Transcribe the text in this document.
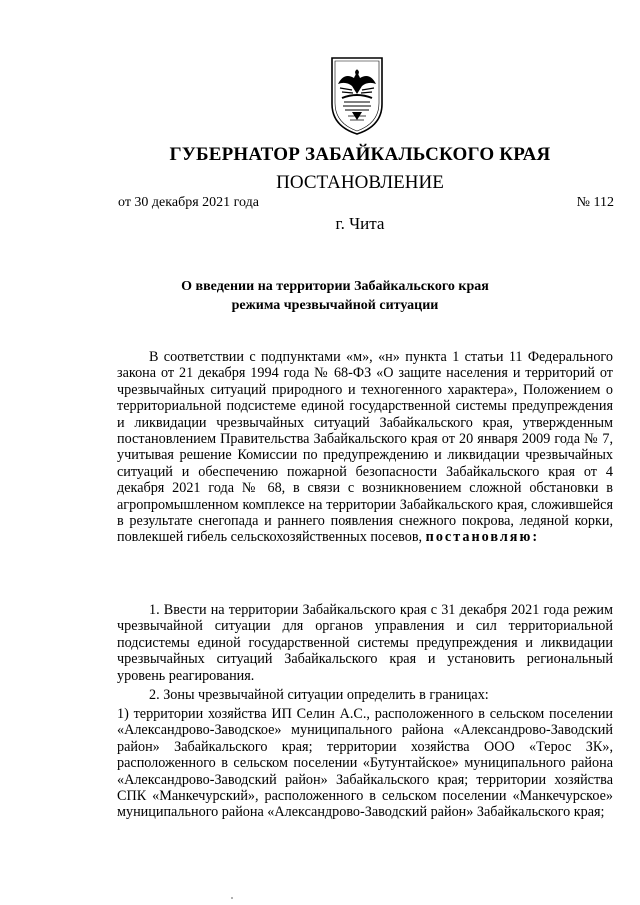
ГУБЕРНАТОР ЗАБАЙКАЛЬСКОГО КРАЯ
ПОСТАНОВЛЕНИЕ
от 30 декабря 2021 года	№ 112
г. Чита
О введении на территории Забайкальского края
режима чрезвычайной ситуации
В соответствии с подпунктами «м», «н» пункта 1 статьи 11 Федерального закона от 21 декабря 1994 года № 68-ФЗ «О защите населения и территорий от чрезвычайных ситуаций природного и техногенного характера», Положением о территориальной подсистеме единой государственной системы предупреждения и ликвидации чрезвычайных ситуаций Забайкальского края, утвержденным постановлением Правительства Забайкальского края от 20 января 2009 года № 7, учитывая решение Комиссии по предупреждению и ликвидации чрезвычайных ситуаций и обеспечению пожарной безопасности Забайкальского края от 4 декабря 2021 года № 68, в связи с возникновением сложной обстановки в агропромышленном комплексе на территории Забайкальского края, сложившейся в результате снегопада и раннего появления снежного покрова, ледяной корки, повлекшей гибель сельскохозяйственных посевов, постановляю:
1. Ввести на территории Забайкальского края с 31 декабря 2021 года режим чрезвычайной ситуации для органов управления и сил территориальной подсистемы единой государственной системы предупреждения и ликвидации чрезвычайных ситуаций Забайкальского края и установить региональный уровень реагирования.
2. Зоны чрезвычайной ситуации определить в границах:
1) территории хозяйства ИП Селин А.С., расположенного в сельском поселении «Александрово-Заводское» муниципального района «Александрово-Заводский район» Забайкальского края; территории хозяйства ООО «Терос ЗК», расположенного в сельском поселении «Бутунтайское» муниципального района «Александрово-Заводский район» Забайкальского края; территории хозяйства СПК «Манкечурский», расположенного в сельском поселении «Манкечурское» муниципального района «Александрово-Заводский район» Забайкальского края;
